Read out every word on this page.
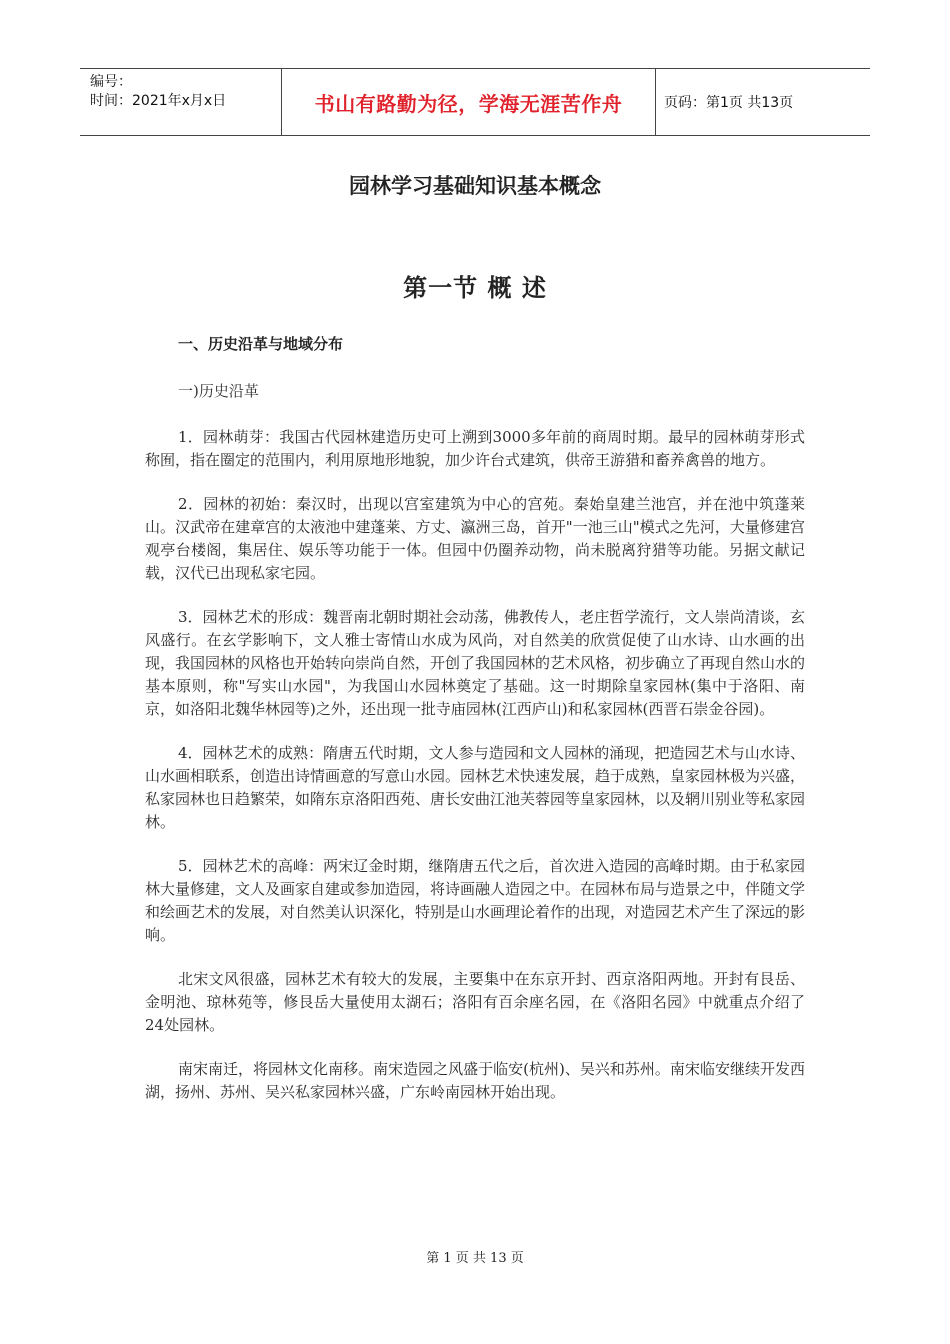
编号：
时间：2021年x月x日	书山有路勤为径，学海无涯苦作舟	页码：第1页 共13页
园林学习基础知识基本概念
第一节 概 述
一、历史沿革与地域分布
一)历史沿革

1．园林萌芽：我国古代园林建造历史可上溯到3000多年前的商周时期。最早的园林萌芽形式称囿，指在圈定的范围内，利用原地形地貌，加少许台式建筑，供帝王游猎和畜养禽兽的地方。

2．园林的初始：秦汉时，出现以宫室建筑为中心的宫苑。秦始皇建兰池宫，并在池中筑蓬莱山。汉武帝在建章宫的太液池中建蓬莱、方丈、瀛洲三岛，首开"一池三山"模式之先河，大量修建宫观亭台楼阁，集居住、娱乐等功能于一体。但园中仍圈养动物，尚未脱离狩猎等功能。另据文献记载，汉代已出现私家宅园。

3．园林艺术的形成：魏晋南北朝时期社会动荡，佛教传人，老庄哲学流行，文人崇尚清谈，玄风盛行。在玄学影响下，文人雅士寄情山水成为风尚，对自然美的欣赏促使了山水诗、山水画的出现，我国园林的风格也开始转向崇尚自然，开创了我国园林的艺术风格，初步确立了再现自然山水的基本原则，称"写实山水园"，为我国山水园林奠定了基础。这一时期除皇家园林(集中于洛阳、南京，如洛阳北魏华林园等)之外，还出现一批寺庙园林(江西庐山)和私家园林(西晋石崇金谷园)。

4．园林艺术的成熟：隋唐五代时期，文人参与造园和文人园林的涌现，把造园艺术与山水诗、山水画相联系，创造出诗情画意的写意山水园。园林艺术快速发展，趋于成熟，皇家园林极为兴盛，私家园林也日趋繁荣，如隋东京洛阳西苑、唐长安曲江池芙蓉园等皇家园林，以及辋川别业等私家园林。

5．园林艺术的高峰：两宋辽金时期，继隋唐五代之后，首次进入造园的高峰时期。由于私家园林大量修建，文人及画家自建或参加造园，将诗画融人造园之中。在园林布局与造景之中，伴随文学和绘画艺术的发展，对自然美认识深化，特别是山水画理论着作的出现，对造园艺术产生了深远的影响。

北宋文风很盛，园林艺术有较大的发展，主要集中在东京开封、西京洛阳两地。开封有艮岳、金明池、琼林苑等，修艮岳大量使用太湖石；洛阳有百余座名园，在《洛阳名园》中就重点介绍了24处园林。

南宋南迁，将园林文化南移。南宋造园之风盛于临安(杭州)、吴兴和苏州。南宋临安继续开发西湖，扬州、苏州、吴兴私家园林兴盛，广东岭南园林开始出现。

第 1 页 共 13 页
